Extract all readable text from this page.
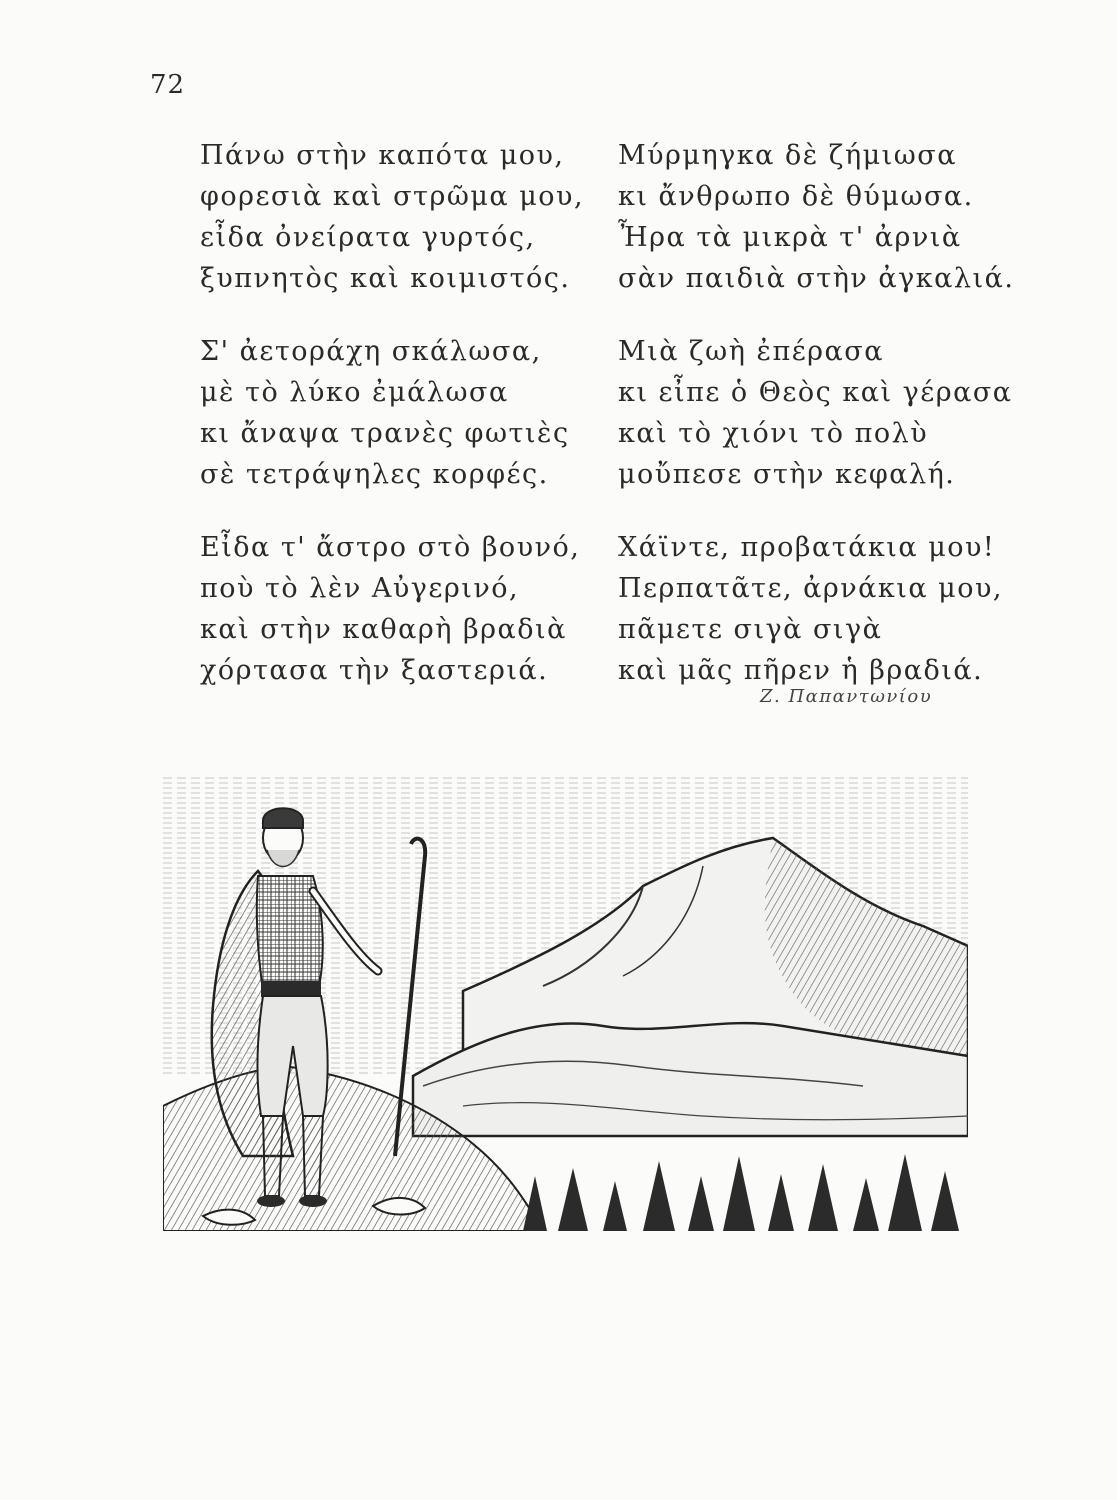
72
Πάνω στὴν καπότα μου,
φορεσιὰ καὶ στρῶμα μου,
εἶδα ὀνείρατα γυρτός,
ξυπνητὸς καὶ κοιμιστός.
Σ' ἀετοράχη σκάλωσα,
μὲ τὸ λύκο ἐμάλωσα
κι ἄναψα τρανὲς φωτιὲς
σὲ τετράψηλες κορφές.
Εἶδα τ' ἄστρο στὸ βουνό,
ποὺ τὸ λὲν Αὐγερινό,
καὶ στὴν καθαρὴ βραδιὰ
χόρτασα τὴν ξαστεριά.
Μύρμηγκα δὲ ζήμιωσα
κι ἄνθρωπο δὲ θύμωσα.
Ἦρα τὰ μικρὰ τ' ἀρνιὰ
σὰν παιδιὰ στὴν ἀγκαλιά.
Μιὰ ζωὴ ἐπέρασα
κι εἶπε ὁ Θεὸς καὶ γέρασα
καὶ τὸ χιόνι τὸ πολὺ
μοὔπεσε στὴν κεφαλή.
Χάϊντε, προβατάκια μου!
Περπατᾶτε, ἀρνάκια μου,
πᾶμετε σιγὰ σιγὰ
καὶ μᾶς πῆρεν ἡ βραδιά.
Ζ. Παπαντωνίου
